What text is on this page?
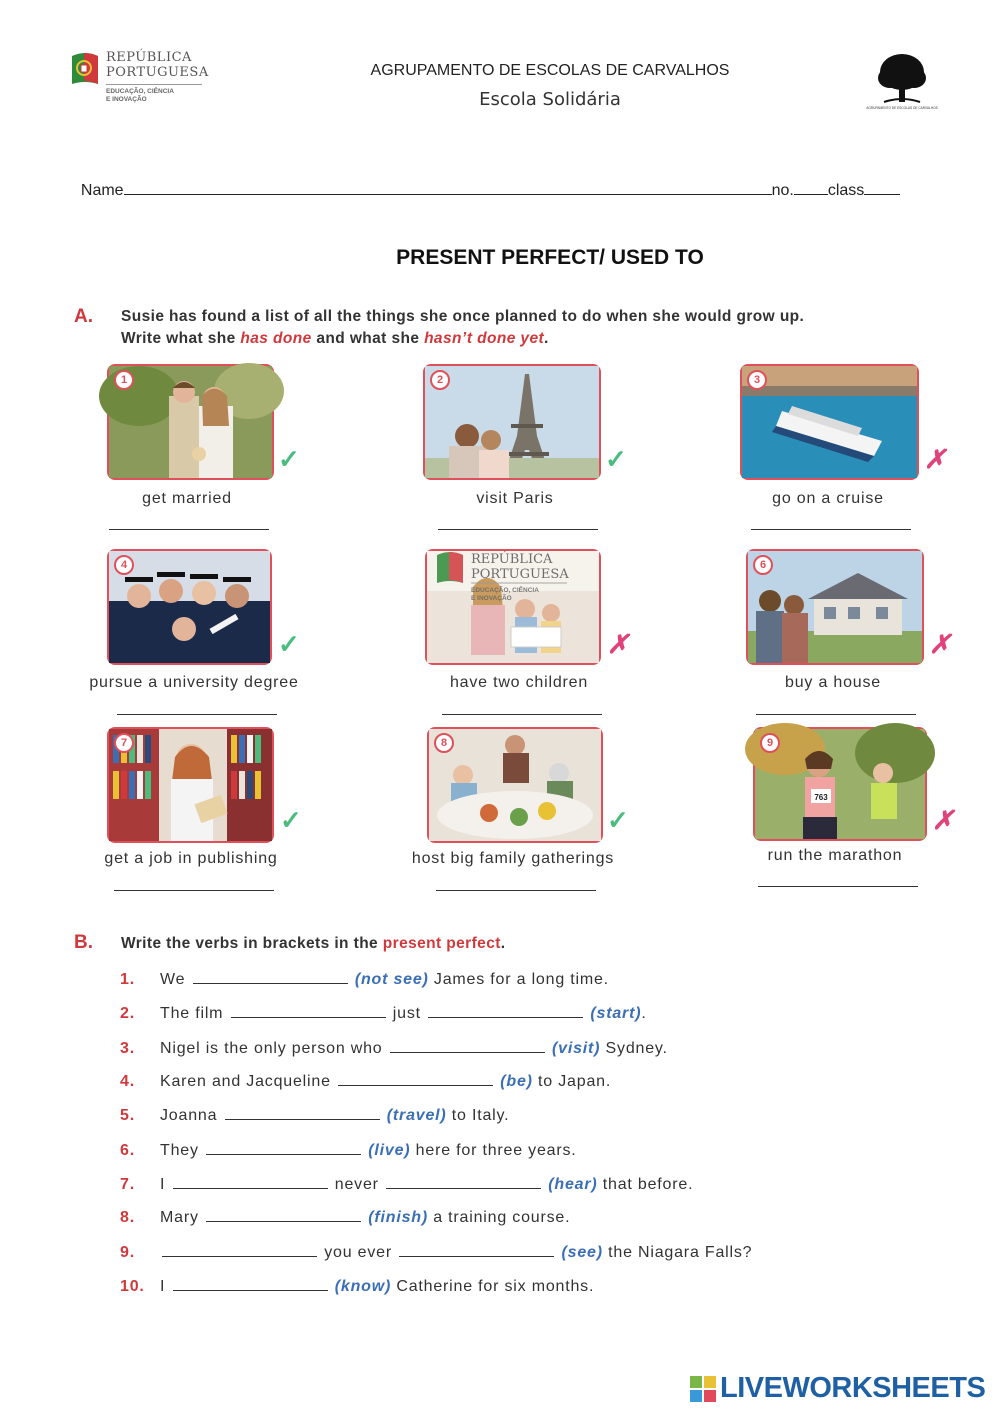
REPÚBLICA
PORTUGUESA
EDUCAÇÃO, CIÊNCIA
E INOVAÇÃO
AGRUPAMENTO DE ESCOLAS DE CARVALHOS
Escola Solidária	AGRUPAMENTO DE ESCOLAS DE CARVALHOS

Name	no. class

PRESENT PERFECT/ USED TO
A. Susie has found a list of all the things she once planned to do when she would grow up.
Write what she has done and what she hasn’t done yet.
1
✓
get married
2
✓
visit Paris
3
✗
go on a cruise
4
✓
pursue a university degree
REPÚBLICA
PORTUGUESA
EDUCAÇÃO, CIÊNCIA
E INOVAÇÃO
✗
have two children
6
✗
buy a house
7
✓
get a job in publishing
8
✓
host big family gatherings
9
763
✗
run the marathon
B. Write the verbs in brackets in the present perfect.
1. We	(not see) James for a long time.
2. The film	just	(start).
3. Nigel is the only person who	(visit) Sydney.
4. Karen and Jacqueline	(be) to Japan.
5. Joanna	(travel) to Italy.
6. They	(live) here for three years.
7. I	never	(hear) that before.
8. Mary	(finish) a training course.
9.	you ever	(see) the Niagara Falls?
10. I	(know) Catherine for six months.
LIVEWORKSHEETS
